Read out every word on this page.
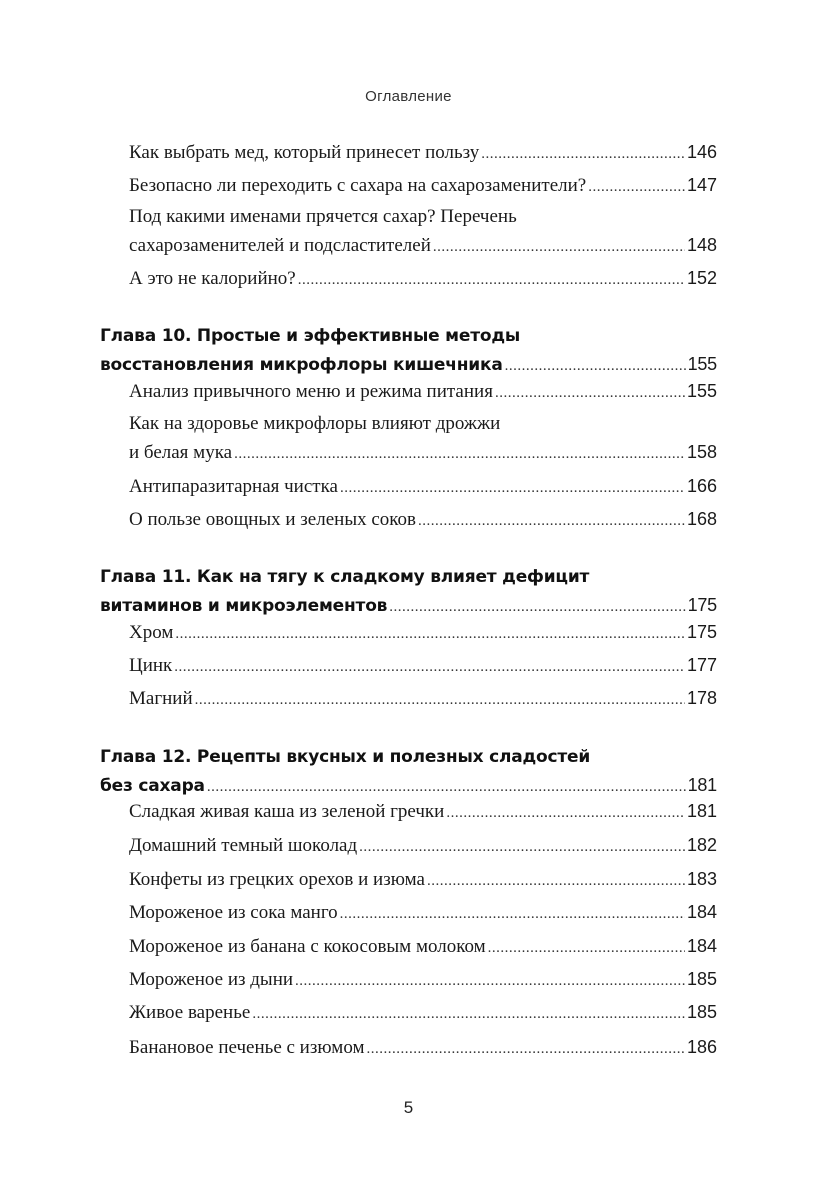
Оглавление
Как выбрать мед, который принесет пользу .....	146
Безопасно ли переходить с сахара на сахарозаменители? .....	147
Под какими именами прячется сахар? Перечень
сахарозаменителей и подсластителей .....	148
А это не калорийно? .....	152
Глава 10. Простые и эффективные методы
восстановления микрофлоры кишечника .....	155
Анализ привычного меню и режима питания .....	155
Как на здоровье микрофлоры влияют дрожжи
и белая мука .....	158
Антипаразитарная чистка .....	166
О пользе овощных и зеленых соков .....	168
Глава 11. Как на тягу к сладкому влияет дефицит
витаминов и микроэлементов .....	175
Хром .....	175
Цинк .....	177
Магний .....	178
Глава 12. Рецепты вкусных и полезных сладостей
без сахара .....	181
Сладкая живая каша из зеленой гречки .....	181
Домашний темный шоколад .....	182
Конфеты из грецких орехов и изюма .....	183
Мороженое из сока манго .....	184
Мороженое из банана с кокосовым молоком .....	184
Мороженое из дыни .....	185
Живое варенье .....	185
Банановое печенье с изюмом .....	186
5
